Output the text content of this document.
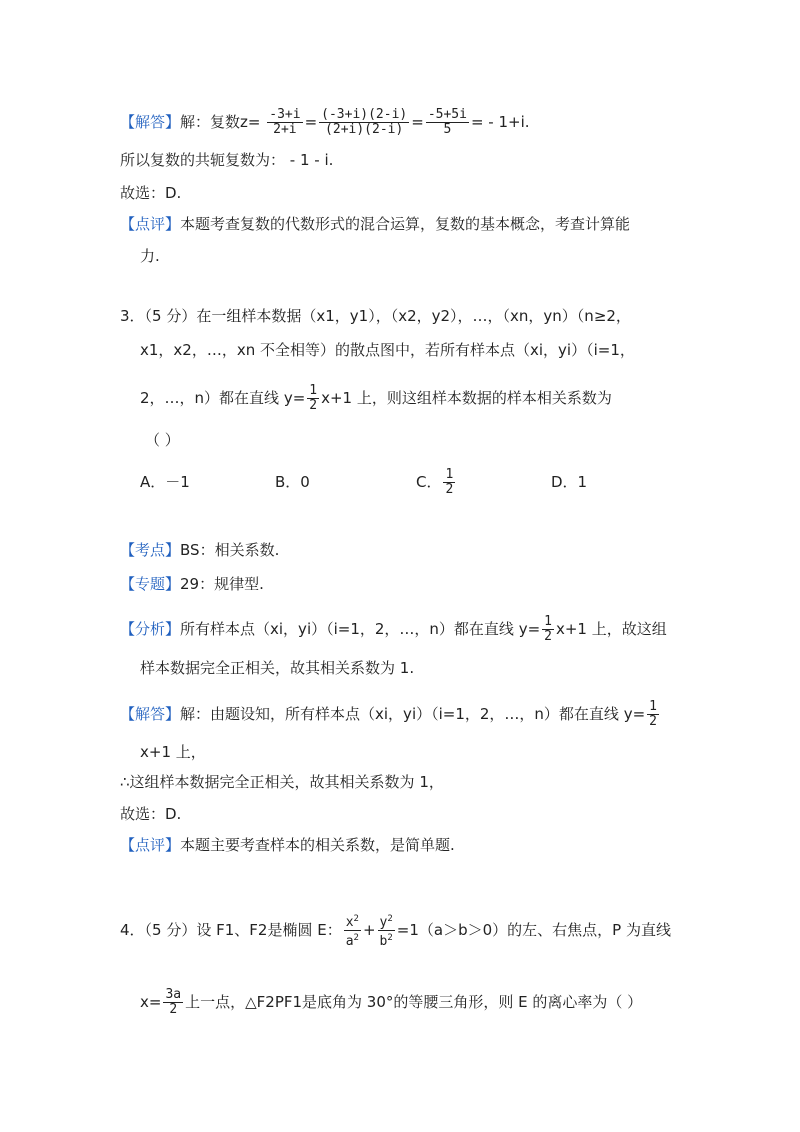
【解答】解：复数$z= \frac{-3+i}{2+i} = \frac{(-3+i)(2-i)}{(2+i)(2-i)} = \frac{-5+5i}{5}$ = - 1+i.
所以复数的共轭复数为： - 1 - i.
故选：D.
【点评】本题考查复数的代数形式的混合运算，复数的基本概念，考查计算能
力.
3．（5 分）在一组样本数据（x1，y1），（x2，y2），…，（xn，yn）（n≥2，
x1，x2，…，xn 不全相等）的散点图中，若所有样本点（xi，yi）（i=1，
2，…，n）都在直线 $y= \frac{1}{2} x+1$ 上，则这组样本数据的样本相关系数为
（ ）
A．－1	B．0	C． $\frac{1}{2}$	D．1
【考点】BS：相关系数.
【专题】29：规律型.
【分析】所有样本点（xi，yi）（i=1，2，…，n）都在直线 $y= \frac{1}{2} x+1$ 上，故这组
样本数据完全正相关，故其相关系数为 1.
【解答】解：由题设知，所有样本点（xi，yi）（i=1，2，…，n）都在直线 $y= \frac{1}{2}$
x+1 上，
∴这组样本数据完全正相关，故其相关系数为 1，
故选：D.
【点评】本题主要考查样本的相关系数，是简单题.
4．（5 分）设 F1、F2是椭圆 E： $\frac{x^2}{a^2} + \frac{y^2}{b^2} =1(a>b>0)$的左、右焦点，P 为直线
$x= \frac{3a}{2}$ 上一点，△F2PF1是底角为 30°的等腰三角形，则 E 的离心率为（ ）
